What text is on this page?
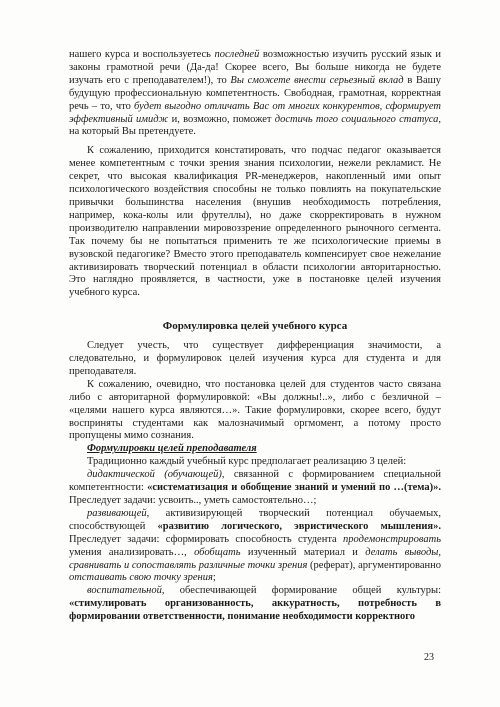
нашего курса и воспользуетесь последней возможностью изучить русский язык и законы грамотной речи (Да-да! Скорее всего, Вы больше никогда не будете изучать его с преподавателем!), то Вы сможете внести серьезный вклад в Вашу будущую профессиональную компетентность. Свободная, грамотная, корректная речь – то, что будет выгодно отличать Вас от многих конкурентов, сформирует эффективный имидж и, возможно, поможет достичь того социального статуса, на который Вы претендуете.

К сожалению, приходится констатировать, что подчас педагог оказывается менее компетентным с точки зрения знания психологии, нежели рекламист. Не секрет, что высокая квалификация PR-менеджеров, накопленный ими опыт психологического воздействия способны не только повлиять на покупательские привычки большинства населения (внушив необходимость потребления, например, кока-колы или фрутеллы), но даже скорректировать в нужном производителю направлении мировоззрение определенного рыночного сегмента. Так почему бы не попытаться применить те же психологические приемы в вузовской педагогике? Вместо этого преподаватель компенсирует свое нежелание активизировать творческий потенциал в области психологии авторитарностью. Это наглядно проявляется, в частности, уже в постановке целей изучения учебного курса.

Формулировка целей учебного курса

Следует учесть, что существует дифференциация значимости, а следовательно, и формулировок целей изучения курса для студента и для преподавателя.

К сожалению, очевидно, что постановка целей для студентов часто связана либо с авторитарной формулировкой: «Вы должны!..», либо с безличной – «целями нашего курса являются…». Такие формулировки, скорее всего, будут восприняты студентами как малозначимый оргмомент, а потому просто пропущены мимо сознания.

Формулировки целей преподавателя

Традиционно каждый учебный курс предполагает реализацию 3 целей:

дидактической (обучающей), связанной с формированием специальной компетентности: «систематизация и обобщение знаний и умений по …(тема)». Преследует задачи: усвоить.., уметь самостоятельно…;

развивающей, активизирующей творческий потенциал обучаемых, способствующей «развитию логического, эвристического мышления». Преследует задачи: сформировать способность студента продемонстрировать умения анализировать…, обобщать изученный материал и делать выводы, сравнивать и сопоставлять различные точки зрения (реферат), аргументированно отстаивать свою точку зрения;

воспитательной, обеспечивающей формирование общей культуры: «стимулировать организованность, аккуратность, потребность в формировании ответственности, понимание необходимости корректного

23
